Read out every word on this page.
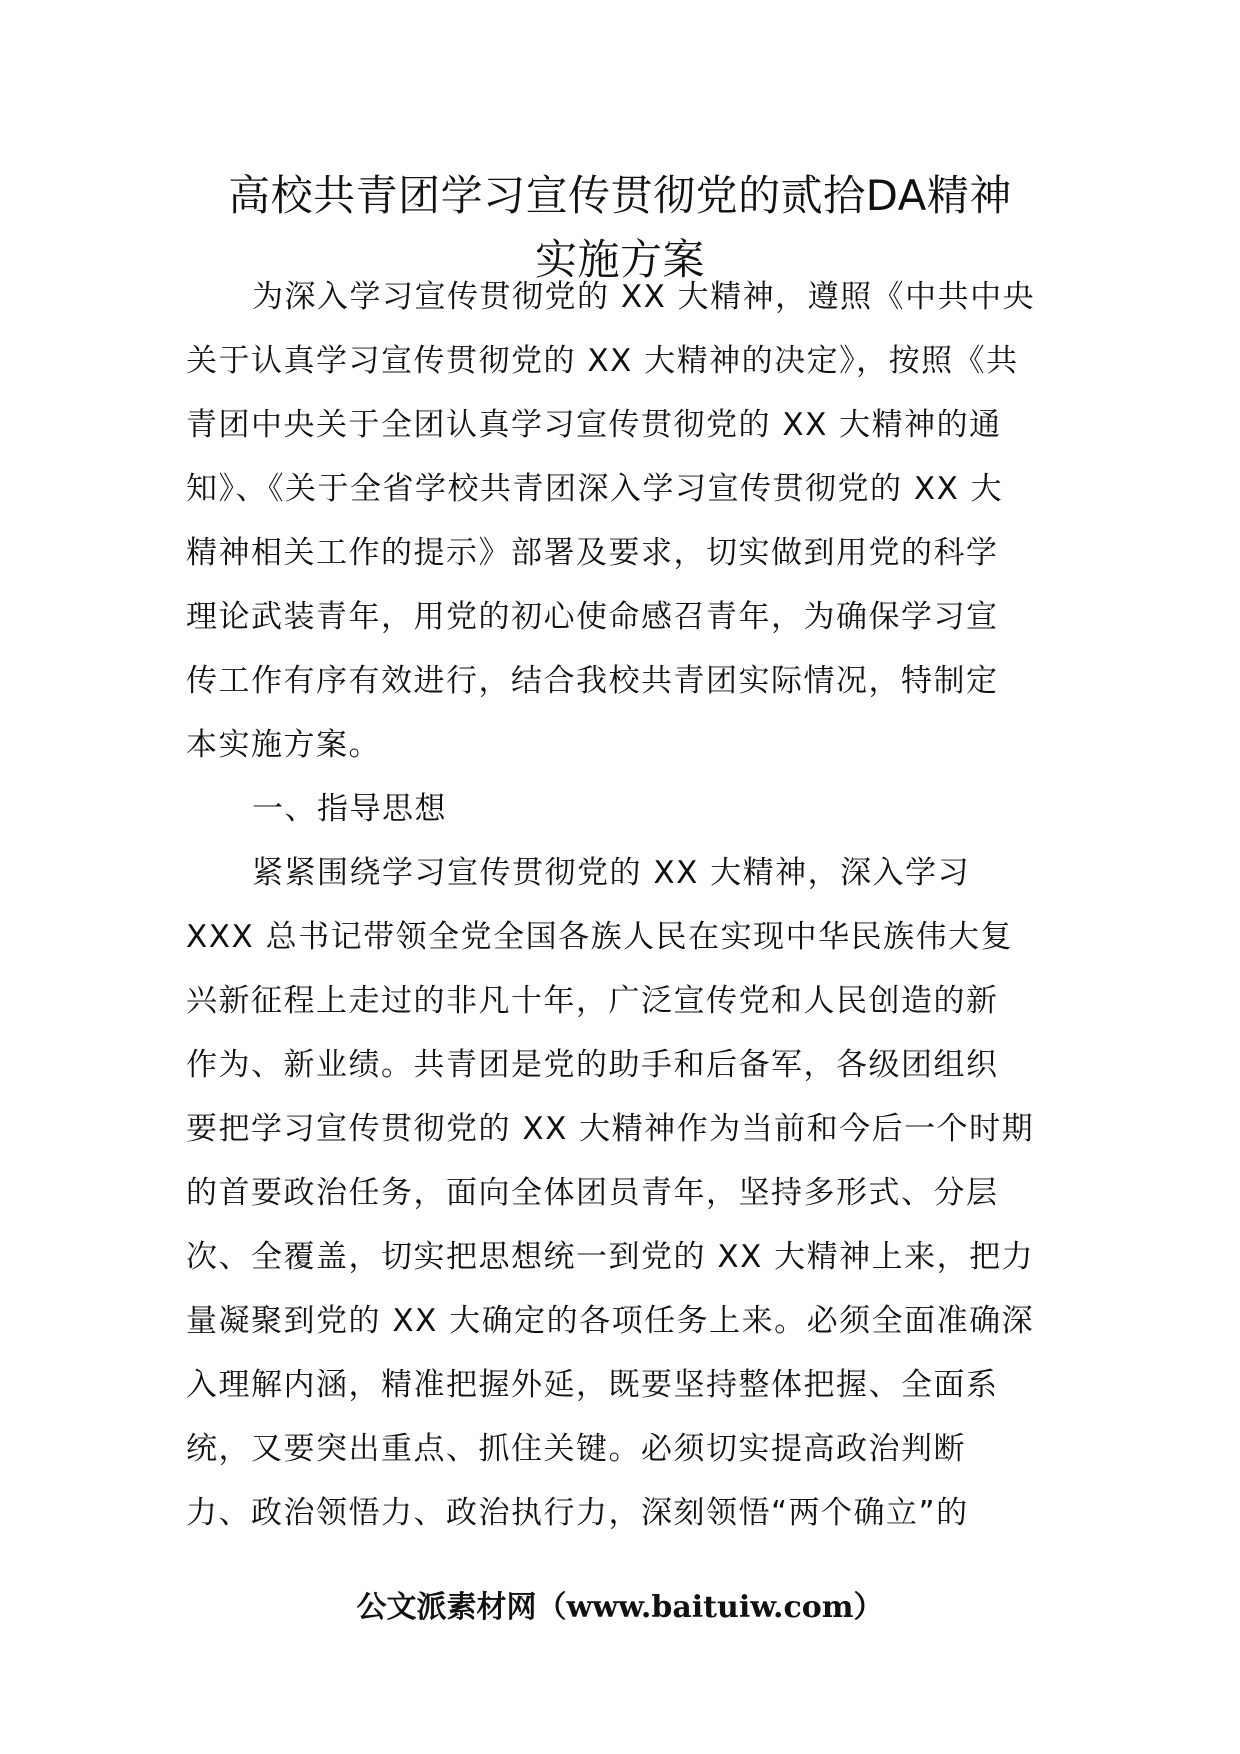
高校共青团学习宣传贯彻党的贰拾DA精神
实施方案
为深入学习宣传贯彻党的 XX 大精神，遵照《中共中央
关于认真学习宣传贯彻党的 XX 大精神的决定》，按照《共
青团中央关于全团认真学习宣传贯彻党的 XX 大精神的通
知》、《关于全省学校共青团深入学习宣传贯彻党的 XX 大
精神相关工作的提示》部署及要求，切实做到用党的科学
理论武装青年，用党的初心使命感召青年，为确保学习宣
传工作有序有效进行，结合我校共青团实际情况，特制定
本实施方案。
一、指导思想
紧紧围绕学习宣传贯彻党的 XX 大精神，深入学习
XXX 总书记带领全党全国各族人民在实现中华民族伟大复
兴新征程上走过的非凡十年，广泛宣传党和人民创造的新
作为、新业绩。共青团是党的助手和后备军，各级团组织
要把学习宣传贯彻党的 XX 大精神作为当前和今后一个时期
的首要政治任务，面向全体团员青年，坚持多形式、分层
次、全覆盖，切实把思想统一到党的 XX 大精神上来，把力
量凝聚到党的 XX 大确定的各项任务上来。必须全面准确深
入理解内涵，精准把握外延，既要坚持整体把握、全面系
统，又要突出重点、抓住关键。必须切实提高政治判断
力、政治领悟力、政治执行力，深刻领悟“两个确立”的
公文派素材网（www.baituiw.com）
